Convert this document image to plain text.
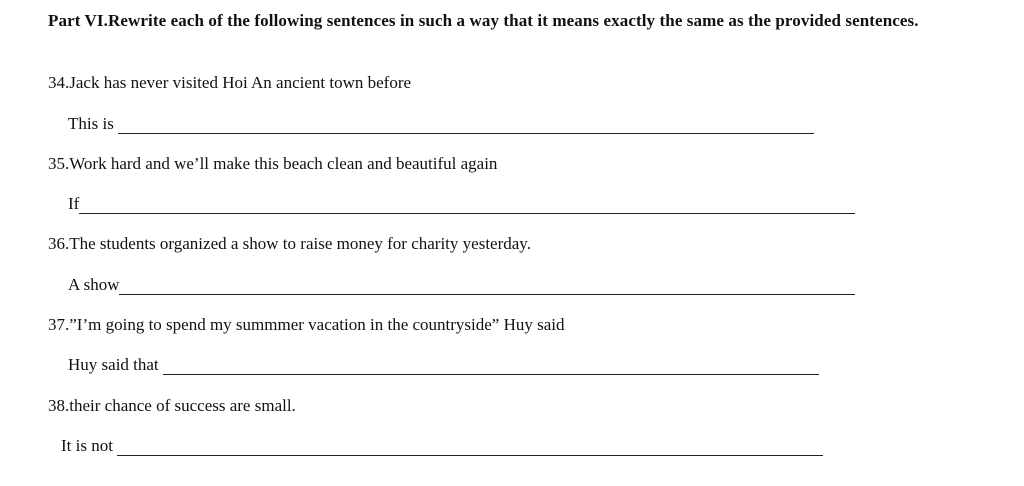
Part VI.Rewrite each of the following sentences in such a way that it means exactly the same as the provided sentences.
34.Jack has never visited Hoi An ancient town before
This is
35.Work hard and we’ll make this beach clean and beautiful again
If
36.The students organized a show to raise money for charity yesterday.
A show
37.”I’m going to spend my summmer vacation in the countryside” Huy said
Huy said that
38.their chance of success are small.
It is not
